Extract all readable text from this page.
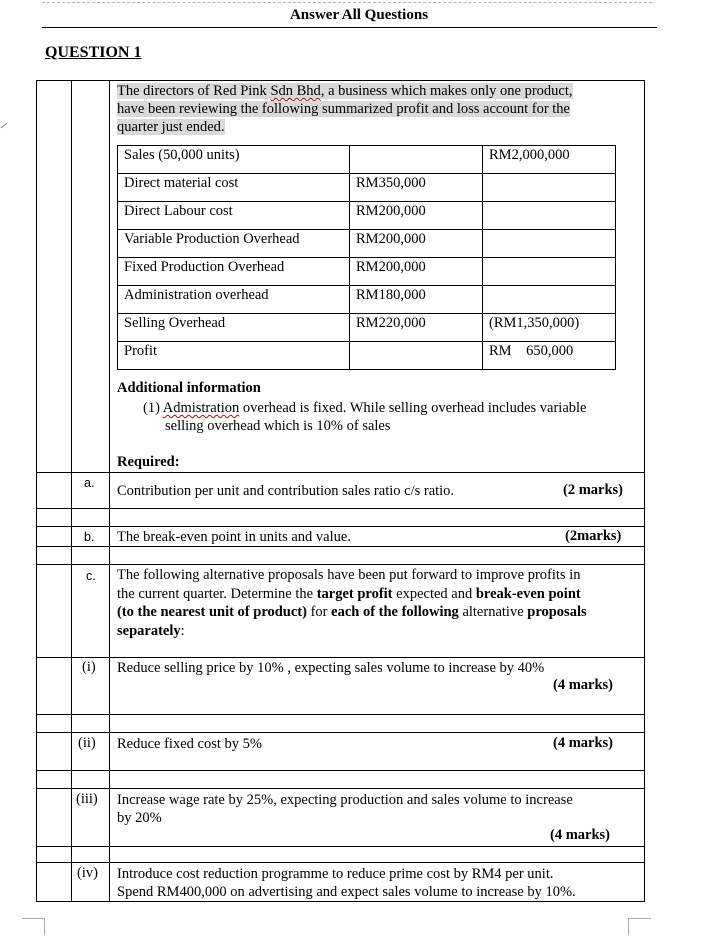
Answer All Questions
QUESTION 1
The directors of Red Pink Sdn Bhd, a business which makes only one product,
have been reviewing the following summarized profit and loss account for the
quarter just ended.
Sales (50,000 units)		RM2,000,000
Direct material cost	RM350,000	
Direct Labour cost	RM200,000	
Variable Production Overhead	RM200,000	
Fixed Production Overhead	RM200,000	
Administration overhead	RM180,000	
Selling Overhead	RM220,000	(RM1,350,000)
Profit		RM    650,000
Additional information
(1) Admistration overhead is fixed. While selling overhead includes variable
selling overhead which is 10% of sales
Required:
a. Contribution per unit and contribution sales ratio c/s ratio.	(2 marks)
b. The break-even point in units and value.	(2marks)
c. The following alternative proposals have been put forward to improve profits in
the current quarter. Determine the target profit expected and break-even point
(to the nearest unit of product) for each of the following alternative proposals
separately:
(i) Reduce selling price by 10% , expecting sales volume to increase by 40%
(4 marks)
(ii) Reduce fixed cost by 5%	(4 marks)
(iii) Increase wage rate by 25%, expecting production and sales volume to increase
by 20%
(4 marks)
(iv) Introduce cost reduction programme to reduce prime cost by RM4 per unit.
Spend RM400,000 on advertising and expect sales volume to increase by 10%.
